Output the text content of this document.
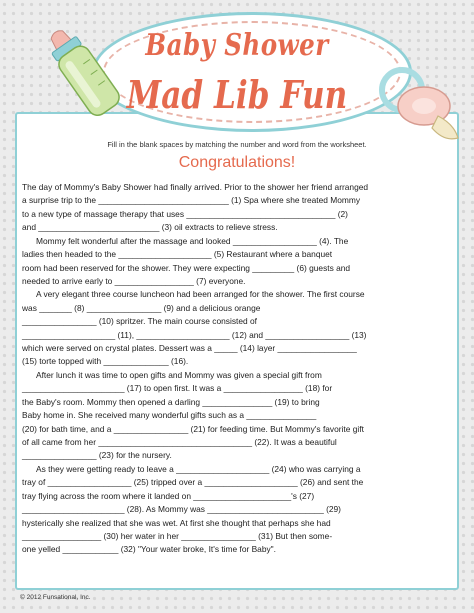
Baby Shower
Mad Lib Fun
Fill in the blank spaces by matching the number and word from the worksheet.
Congratulations!

The day of Mommy's Baby Shower had finally arrived. Prior to the shower her friend arranged

a surprise trip to the ____________________________ (1) Spa where she treated Mommy

to a new type of massage therapy that uses ________________________________ (2)

and __________________________ (3) oil extracts to relieve stress.

Mommy felt wonderful after the massage and looked __________________ (4). The

ladies then headed to the ____________________ (5) Restaurant where a banquet

room had been reserved for the shower. They were expecting _________ (6) guests and

needed to arrive early to _________________ (7) everyone.

A very elegant three course luncheon had been arranged for the shower. The first course

was _______ (8) ________________ (9) and a delicious orange

________________ (10) spritzer. The main course consisted of

____________________ (11), ____________________ (12) and __________________ (13)

which were served on crystal plates. Dessert was a _____ (14) layer _________________

(15) torte topped with ______________ (16).

After lunch it was time to open gifts and Mommy was given a special gift from

______________________ (17) to open first. It was a _________________ (18) for

the Baby's room. Mommy then opened a darling _______________ (19) to bring

Baby home in. She received many wonderful gifts such as a _______________

(20) for bath time, and a ________________ (21) for feeding time. But Mommy's favorite gift

of all came from her _________________________________ (22). It was a beautiful

________________ (23) for the nursery.

As they were getting ready to leave a ____________________ (24) who was carrying a

tray of __________________ (25) tripped over a ____________________ (26) and sent the

tray flying across the room where it landed on _____________________'s (27)

______________________ (28). As Mommy was _________________________ (29)

hysterically she realized that she was wet. At first she thought that perhaps she had

_________________ (30) her water in her ________________ (31) But then some-

one yelled ____________ (32) "Your water broke, It's time for Baby".

© 2012 Funsational, Inc.
